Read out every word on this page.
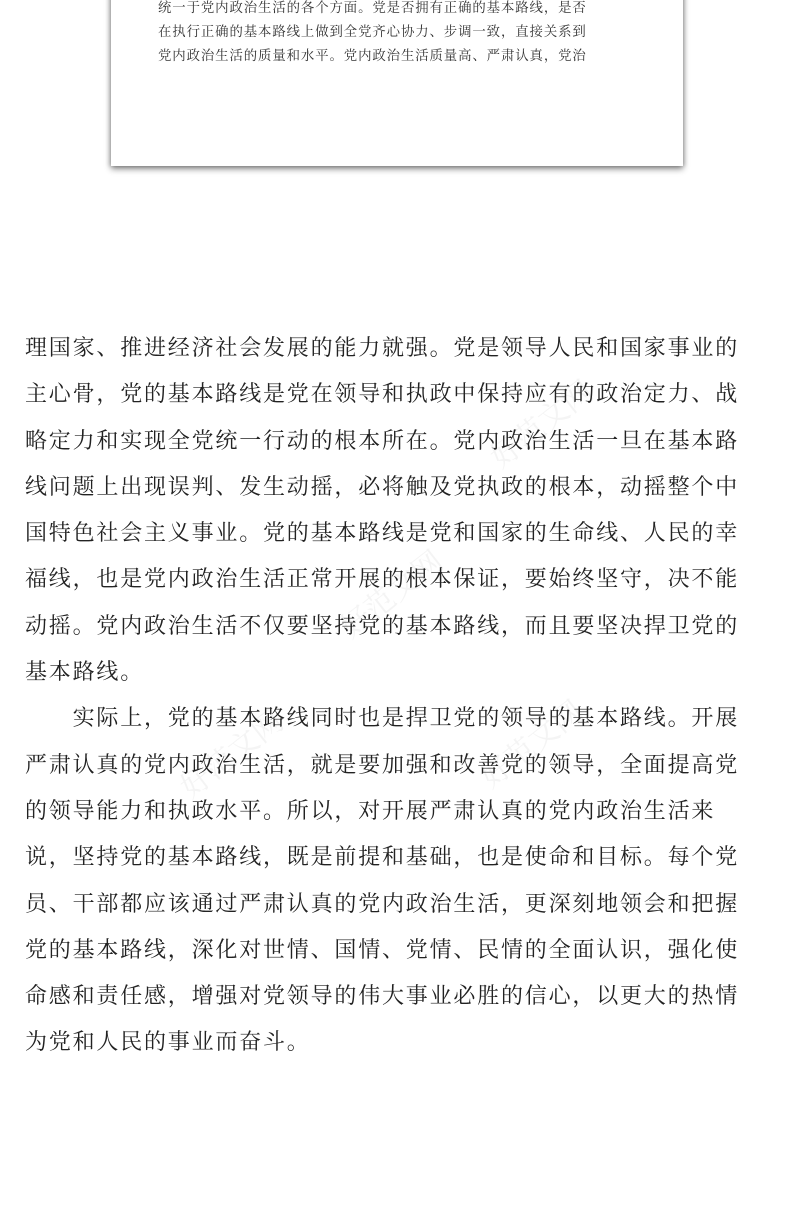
统一于党内政治生活的各个方面。党是否拥有正确的基本路线，是否
在执行正确的基本路线上做到全党齐心协力、步调一致，直接关系到
党内政治生活的质量和水平。党内政治生活质量高、严肃认真，党治
好范文网
好范文网
好范文网
好范文网
理国家、推进经济社会发展的能力就强。党是领导人民和国家事业的
主心骨，党的基本路线是党在领导和执政中保持应有的政治定力、战
略定力和实现全党统一行动的根本所在。党内政治生活一旦在基本路
线问题上出现误判、发生动摇，必将触及党执政的根本，动摇整个中
国特色社会主义事业。党的基本路线是党和国家的生命线、人民的幸
福线，也是党内政治生活正常开展的根本保证，要始终坚守，决不能
动摇。党内政治生活不仅要坚持党的基本路线，而且要坚决捍卫党的
基本路线。
　　实际上，党的基本路线同时也是捍卫党的领导的基本路线。开展
严肃认真的党内政治生活，就是要加强和改善党的领导，全面提高党
的领导能力和执政水平。所以，对开展严肃认真的党内政治生活来
说，坚持党的基本路线，既是前提和基础，也是使命和目标。每个党
员、干部都应该通过严肃认真的党内政治生活，更深刻地领会和把握
党的基本路线，深化对世情、国情、党情、民情的全面认识，强化使
命感和责任感，增强对党领导的伟大事业必胜的信心，以更大的热情
为党和人民的事业而奋斗。
